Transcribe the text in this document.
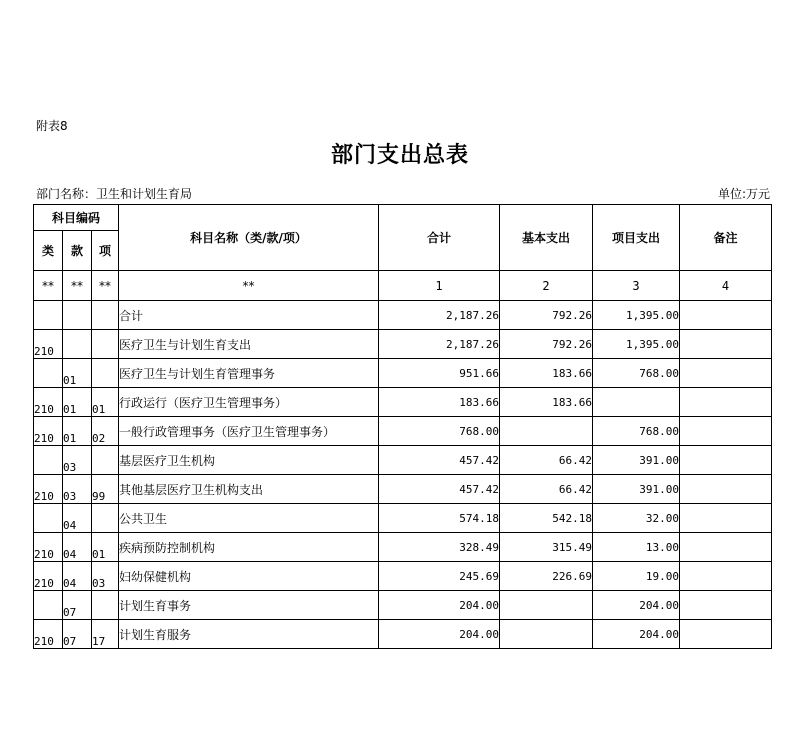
附表8
部门支出总表
部门名称：卫生和计划生育局	单位:万元
科目编码			科目名称（类/款/项）	合计	基本支出	项目支出	备注
类	款	项					
**	**	**	**	1	2	3	4
			合计	2,187.26	792.26	1,395.00	
210			医疗卫生与计划生育支出	2,187.26	792.26	1,395.00	
	01		医疗卫生与计划生育管理事务	951.66	183.66	768.00	
210	01	01	行政运行（医疗卫生管理事务）	183.66	183.66		
210	01	02	一般行政管理事务（医疗卫生管理事务）	768.00		768.00	
	03		基层医疗卫生机构	457.42	66.42	391.00	
210	03	99	其他基层医疗卫生机构支出	457.42	66.42	391.00	
	04		公共卫生	574.18	542.18	32.00	
210	04	01	疾病预防控制机构	328.49	315.49	13.00	
210	04	03	妇幼保健机构	245.69	226.69	19.00	
	07		计划生育事务	204.00		204.00	
210	07	17	计划生育服务	204.00		204.00	
